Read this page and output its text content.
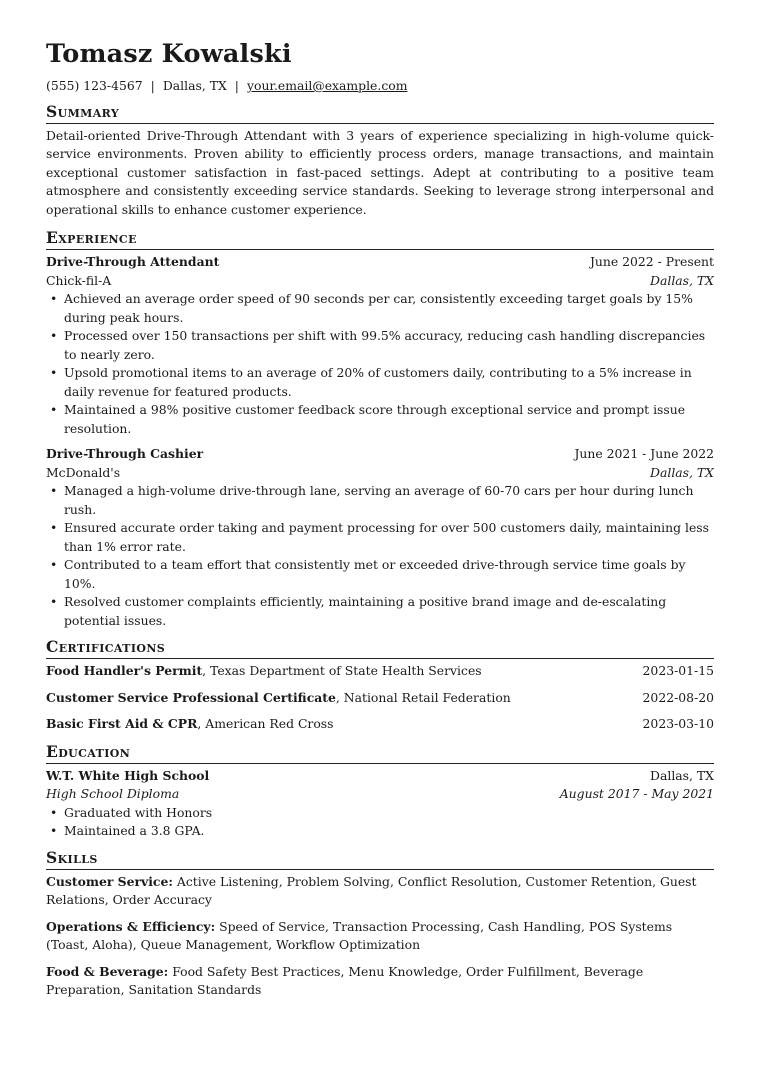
Tomasz Kowalski
(555) 123-4567 | Dallas, TX | your.email@example.com
Summary
Detail-oriented Drive-Through Attendant with 3 years of experience specializing in high-volume quick-service environments. Proven ability to efficiently process orders, manage transactions, and maintain exceptional customer satisfaction in fast-paced settings. Adept at contributing to a positive team atmosphere and consistently exceeding service standards. Seeking to leverage strong interpersonal and operational skills to enhance customer experience.
Experience
Drive-Through Attendant	June 2022 - Present
Chick-fil-A	Dallas, TX
• Achieved an average order speed of 90 seconds per car, consistently exceeding target goals by 15% during peak hours.
• Processed over 150 transactions per shift with 99.5% accuracy, reducing cash handling discrepancies to nearly zero.
• Upsold promotional items to an average of 20% of customers daily, contributing to a 5% increase in daily revenue for featured products.
• Maintained a 98% positive customer feedback score through exceptional service and prompt issue resolution.
Drive-Through Cashier	June 2021 - June 2022
McDonald's	Dallas, TX
• Managed a high-volume drive-through lane, serving an average of 60-70 cars per hour during lunch rush.
• Ensured accurate order taking and payment processing for over 500 customers daily, maintaining less than 1% error rate.
• Contributed to a team effort that consistently met or exceeded drive-through service time goals by 10%.
• Resolved customer complaints efficiently, maintaining a positive brand image and de-escalating potential issues.
Certifications
Food Handler's Permit, Texas Department of State Health Services	2023-01-15
Customer Service Professional Certificate, National Retail Federation	2022-08-20
Basic First Aid & CPR, American Red Cross	2023-03-10
Education
W.T. White High School	Dallas, TX
High School Diploma	August 2017 - May 2021
• Graduated with Honors
• Maintained a 3.8 GPA.
Skills
Customer Service: Active Listening, Problem Solving, Conflict Resolution, Customer Retention, Guest Relations, Order Accuracy
Operations & Efficiency: Speed of Service, Transaction Processing, Cash Handling, POS Systems (Toast, Aloha), Queue Management, Workflow Optimization
Food & Beverage: Food Safety Best Practices, Menu Knowledge, Order Fulfillment, Beverage Preparation, Sanitation Standards
